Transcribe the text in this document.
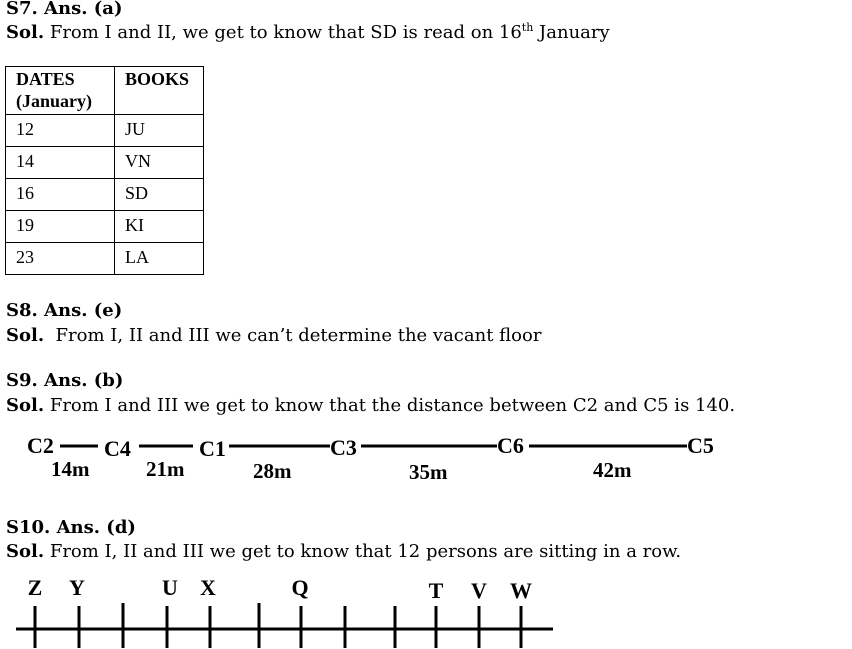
S7. Ans. (a)
Sol. From I and II, we get to know that SD is read on 16th January
DATES (January)	BOOKS
12	JU
14	VN
16	SD
19	KI
23	LA
S8. Ans. (e)
Sol.  From I, II and III we can’t determine the vacant floor
S9. Ans. (b)
Sol. From I and III we get to know that the distance between C2 and C5 is 140.
C2 C4	C1	C3	C6	C5
14m	21m	28m	35m	42m
S10. Ans. (d)
Sol. From I, II and III we get to know that 12 persons are sitting in a row.
Z Y	U X	Q	T V W
